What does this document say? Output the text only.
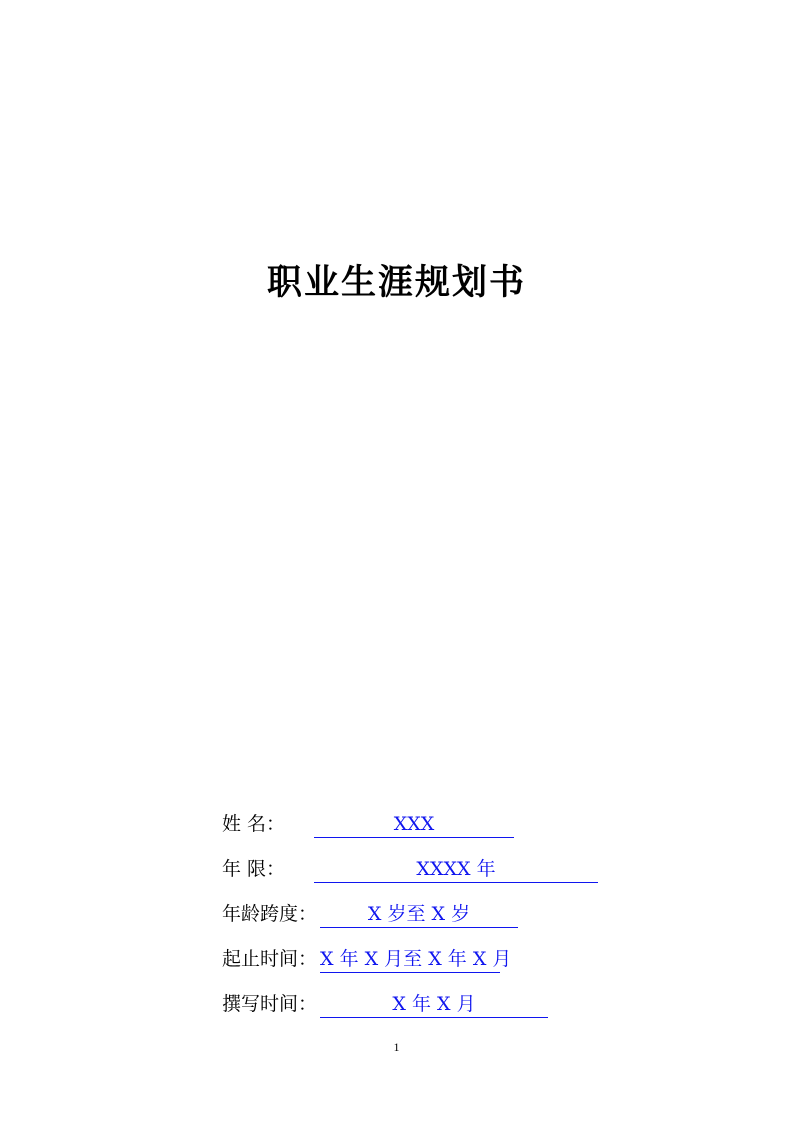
职业生涯规划书
姓 名：	XXX
年 限：	XXXX 年
年龄跨度：	X 岁至 X 岁
起止时间： X 年 X 月至 X 年 X 月
撰写时间：	X 年 X 月
1
